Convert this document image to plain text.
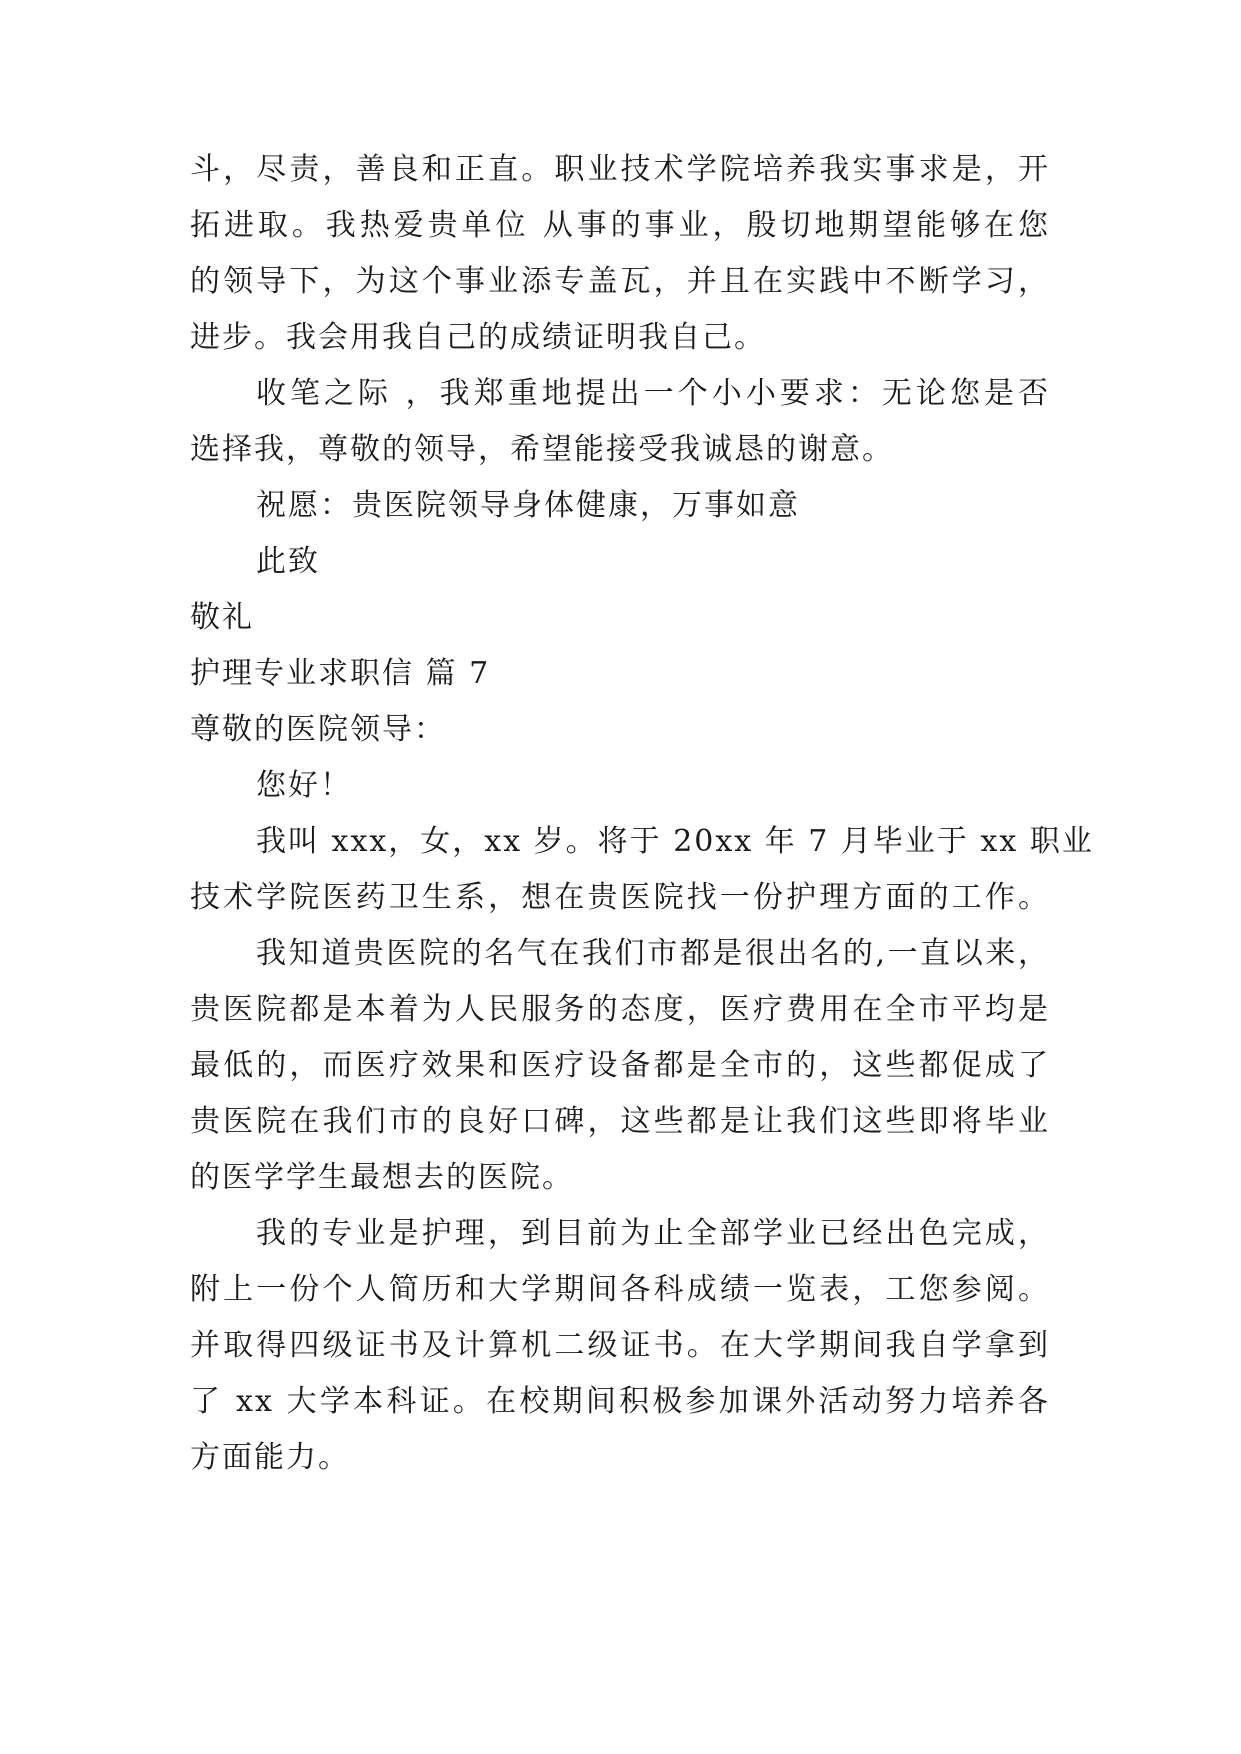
斗，尽责，善良和正直。职业技术学院培养我实事求是，开
拓进取。我热爱贵单位 从事的事业，殷切地期望能够在您
的领导下，为这个事业添专盖瓦，并且在实践中不断学习，
进步。我会用我自己的成绩证明我自己。
收笔之际 ，我郑重地提出一个小小要求：无论您是否
选择我，尊敬的领导，希望能接受我诚恳的谢意。
祝愿：贵医院领导身体健康，万事如意
此致
敬礼
护理专业求职信 篇 7
尊敬的医院领导：
您好！
我叫 xxx，女，xx 岁。将于 20xx 年 7 月毕业于 xx 职业
技术学院医药卫生系，想在贵医院找一份护理方面的工作。
我知道贵医院的名气在我们市都是很出名的,一直以来，
贵医院都是本着为人民服务的态度，医疗费用在全市平均是
最低的，而医疗效果和医疗设备都是全市的，这些都促成了
贵医院在我们市的良好口碑，这些都是让我们这些即将毕业
的医学学生最想去的医院。
我的专业是护理，到目前为止全部学业已经出色完成，
附上一份个人简历和大学期间各科成绩一览表，工您参阅。
并取得四级证书及计算机二级证书。在大学期间我自学拿到
了 xx 大学本科证。在校期间积极参加课外活动努力培养各
方面能力。
